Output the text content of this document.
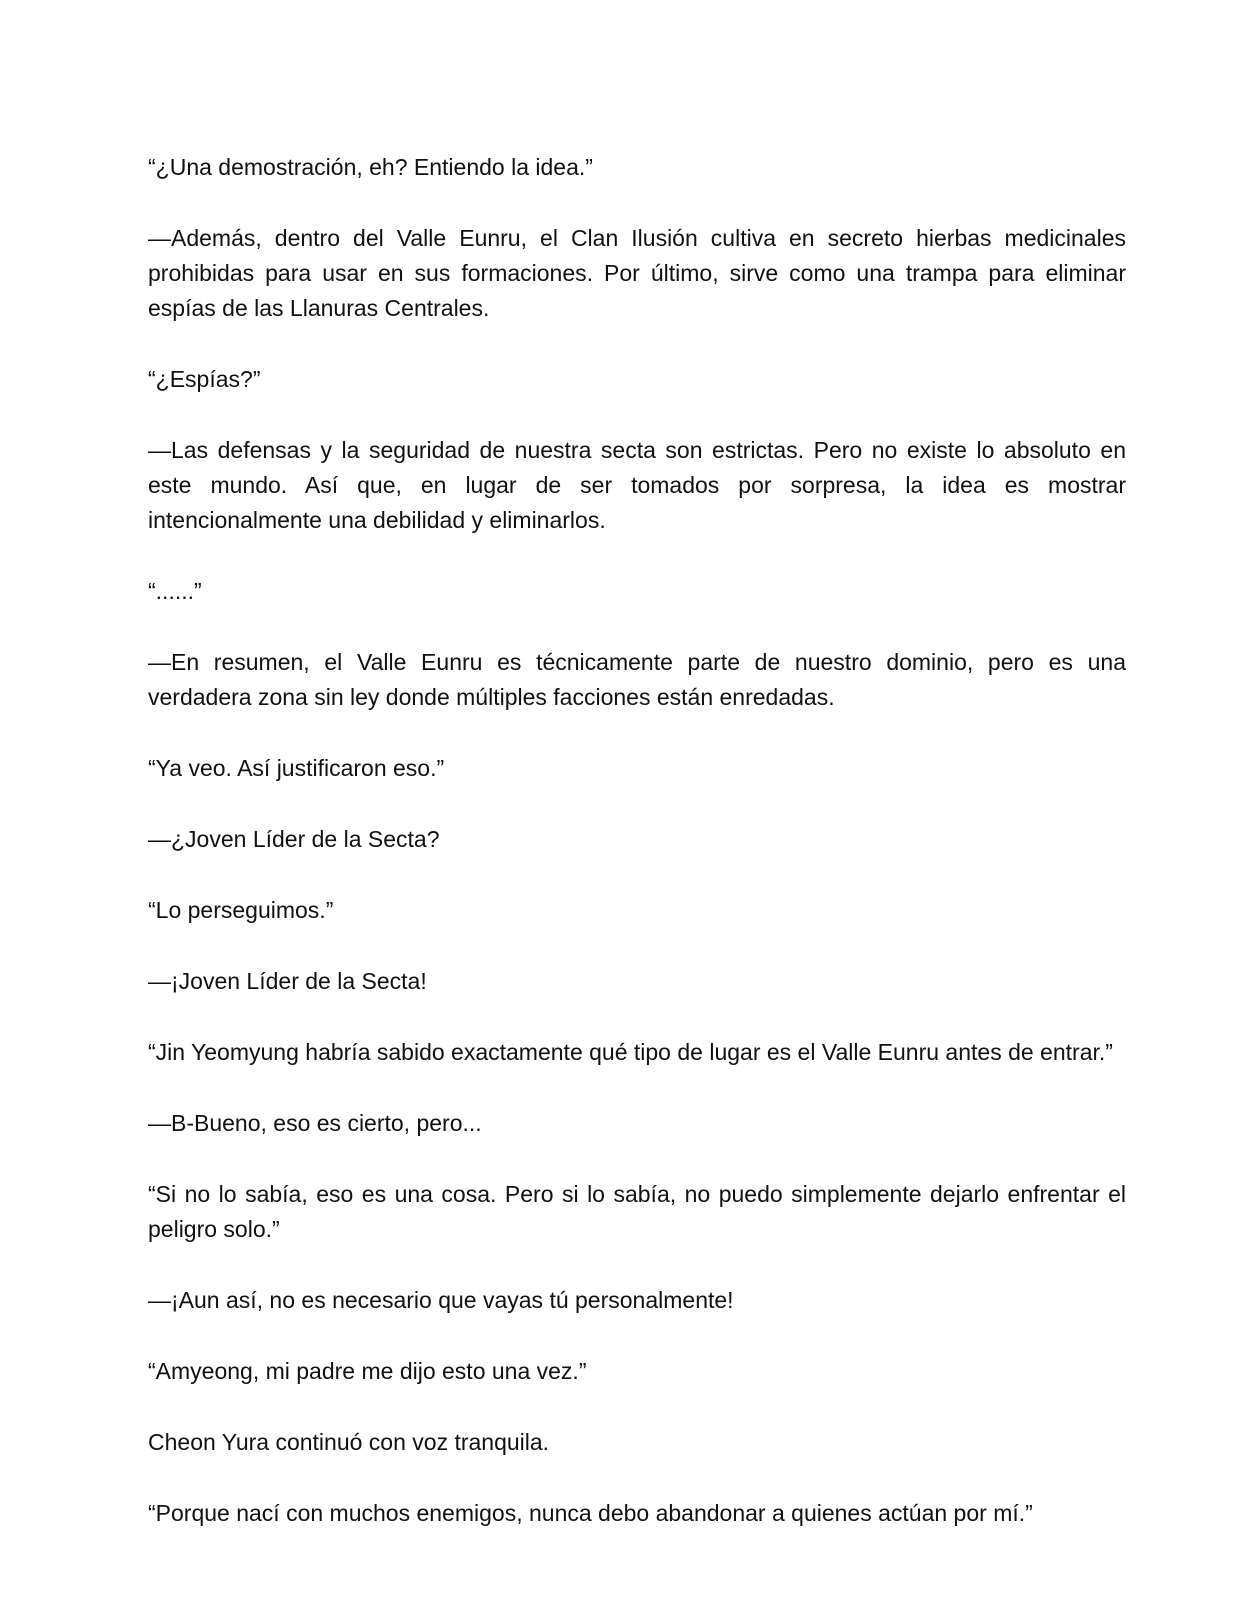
“¿Una demostración, eh? Entiendo la idea.”

—Además, dentro del Valle Eunru, el Clan Ilusión cultiva en secreto hierbas medicinales prohibidas para usar en sus formaciones. Por último, sirve como una trampa para eliminar espías de las Llanuras Centrales.

“¿Espías?”

—Las defensas y la seguridad de nuestra secta son estrictas. Pero no existe lo absoluto en este mundo. Así que, en lugar de ser tomados por sorpresa, la idea es mostrar intencionalmente una debilidad y eliminarlos.

“......”

—En resumen, el Valle Eunru es técnicamente parte de nuestro dominio, pero es una verdadera zona sin ley donde múltiples facciones están enredadas.

“Ya veo. Así justificaron eso.”

—¿Joven Líder de la Secta?

“Lo perseguimos.”

—¡Joven Líder de la Secta!

“Jin Yeomyung habría sabido exactamente qué tipo de lugar es el Valle Eunru antes de entrar.”

—B-Bueno, eso es cierto, pero...

“Si no lo sabía, eso es una cosa. Pero si lo sabía, no puedo simplemente dejarlo enfrentar el peligro solo.”

—¡Aun así, no es necesario que vayas tú personalmente!

“Amyeong, mi padre me dijo esto una vez.”

Cheon Yura continuó con voz tranquila.

“Porque nací con muchos enemigos, nunca debo abandonar a quienes actúan por mí.”
